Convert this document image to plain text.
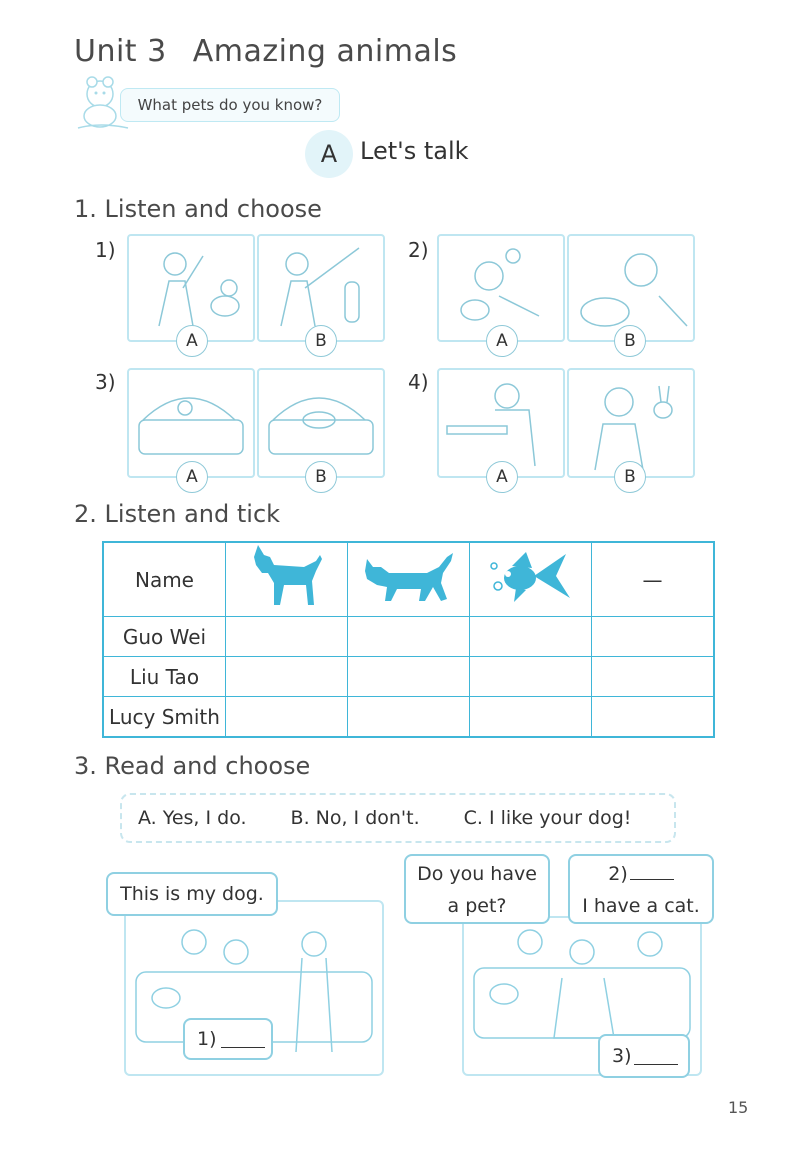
Unit 3 Amazing animals
What pets do you know?
A Let's talk
1. Listen and choose
1)
A	B
2)
A	B
3)
A	B
4)
A	B
2. Listen and tick
Name				—
Guo Wei				
Liu Tao				
Lucy Smith				
3. Read and choose
A. Yes, I do. B. No, I don't. C. I like your dog!
This is my dog.
1)
Do you have
a pet?
2)
I have a cat.
3)
15
